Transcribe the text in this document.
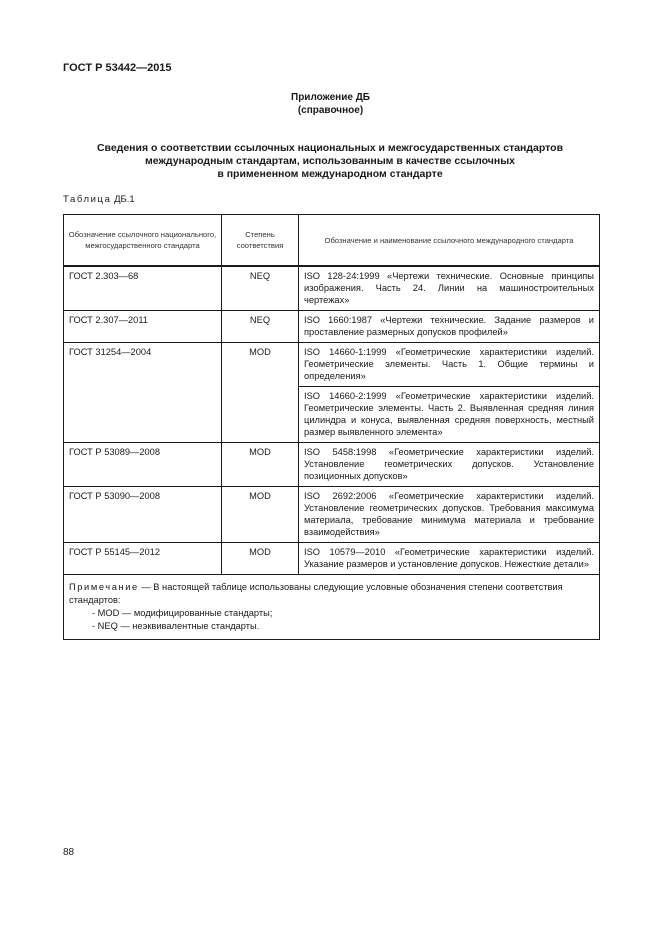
ГОСТ Р 53442—2015
Приложение ДБ
(справочное)
Сведения о соответствии ссылочных национальных и межгосударственных стандартов
международным стандартам, использованным в качестве ссылочных
в примененном международном стандарте
Таблица ДБ.1
Обозначение ссылочного национального, межгосударственного стандарта	Степень соответствия	Обозначение и наименование ссылочного международного стандарта
ГОСТ 2.303—68	NEQ	ISO 128-24:1999 «Чертежи технические. Основные принципы изображения. Часть 24. Линии на машиностроительных чертежах»
ГОСТ 2.307—2011	NEQ	ISO 1660:1987 «Чертежи технические. Задание размеров и проставление размерных допусков профилей»
ГОСТ 31254—2004	MOD	ISO 14660-1:1999 «Геометрические характеристики изделий. Геометрические элементы. Часть 1. Общие термины и определения»
		ISO 14660-2:1999 «Геометрические характеристики изделий. Геометрические элементы. Часть 2. Выявленная средняя линия цилиндра и конуса, выявленная средняя поверхность, местный размер выявленного элемента»
ГОСТ Р 53089—2008	MOD	ISO 5458:1998 «Геометрические характеристики изделий. Установление геометрических допусков. Установление позиционных допусков»
ГОСТ Р 53090—2008	MOD	ISO 2692:2006 «Геометрические характеристики изделий. Установление геометрических допусков. Требования максимума материала, требование минимума материала и требование взаимодействия»
ГОСТ Р 55145—2012	MOD	ISO 10579—2010 «Геометрические характеристики изделий. Указание размеров и установление допусков. Нежесткие детали»

Примечание — В настоящей таблице использованы следующие условные обозначения степени соответствия стандартов:
- MOD — модифицированные стандарты;
- NEQ — неэквивалентные стандарты.		
88
